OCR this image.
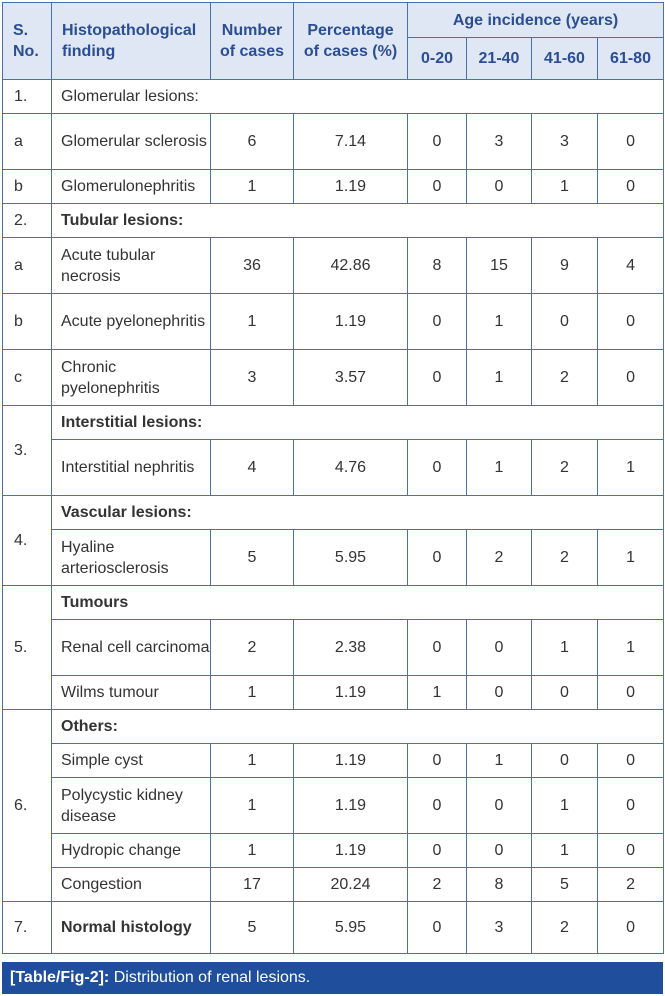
S. No.	Histopathological finding	Number of cases	Percentage of cases (%)	Age incidence (years)			
				0-20	21-40	41-60	61-80
1.	Glomerular lesions:						
a	Glomerular sclerosis	6	7.14	0	3	3	0
b	Glomerulonephritis	1	1.19	0	0	1	0
2.	Tubular lesions:						
a	Acute tubular necrosis	36	42.86	8	15	9	4
b	Acute pyelonephritis	1	1.19	0	1	0	0
c	Chronic pyelonephritis	3	3.57	0	1	2	0
3.	Interstitial lesions:						
	Interstitial nephritis	4	4.76	0	1	2	1
4.	Vascular lesions:						
	Hyaline arteriosclerosis	5	5.95	0	2	2	1
5.	Tumours						
	Renal cell carcinoma	2	2.38	0	0	1	1
	Wilms tumour	1	1.19	1	0	0	0
6.	Others:						
	Simple cyst	1	1.19	0	1	0	0
	Polycystic kidney disease	1	1.19	0	0	1	0
	Hydropic change	1	1.19	0	0	1	0
	Congestion	17	20.24	2	8	5	2
7.	Normal histology	5	5.95	0	3	2	0
[Table/Fig-2]: Distribution of renal lesions.
